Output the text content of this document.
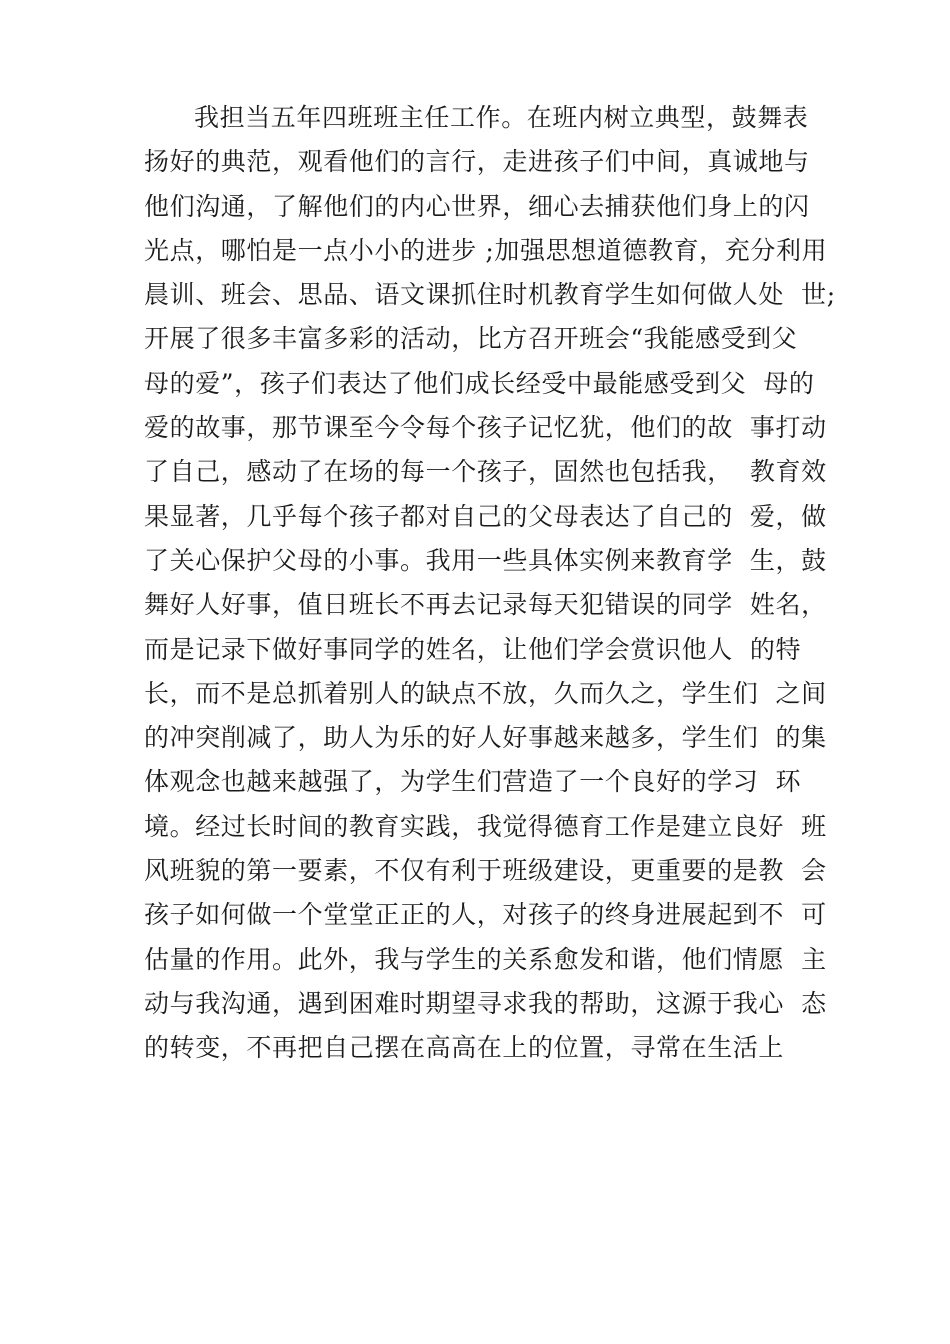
我担当五年四班班主任工作。在班内树立典型，鼓舞表
扬好的典范，观看他们的言行，走进孩子们中间，真诚地与
他们沟通，了解他们的内心世界，细心去捕获他们身上的闪
光点，哪怕是一点小小的进步 ;加强思想道德教育，充分利用
晨训、班会、思品、语文课抓住时机教育学生如何做人处  世;
开展了很多丰富多彩的活动，比方召开班会“我能感受到父
母的爱”，孩子们表达了他们成长经受中最能感受到父  母的
爱的故事，那节课至今令每个孩子记忆犹，他们的故  事打动
了自己，感动了在场的每一个孩子，固然也包括我，  教育效
果显著，几乎每个孩子都对自己的父母表达了自己的  爱，做
了关心保护父母的小事。我用一些具体实例来教育学  生，鼓
舞好人好事，值日班长不再去记录每天犯错误的同学  姓名，
而是记录下做好事同学的姓名，让他们学会赏识他人  的特
长，而不是总抓着别人的缺点不放，久而久之，学生们  之间
的冲突削减了，助人为乐的好人好事越来越多，学生们  的集
体观念也越来越强了，为学生们营造了一个良好的学习  环
境。经过长时间的教育实践，我觉得德育工作是建立良好  班
风班貌的第一要素，不仅有利于班级建设，更重要的是教  会
孩子如何做一个堂堂正正的人，对孩子的终身进展起到不  可
估量的作用。此外，我与学生的关系愈发和谐，他们情愿  主
动与我沟通，遇到困难时期望寻求我的帮助，这源于我心  态
的转变，不再把自己摆在高高在上的位置，寻常在生活上
